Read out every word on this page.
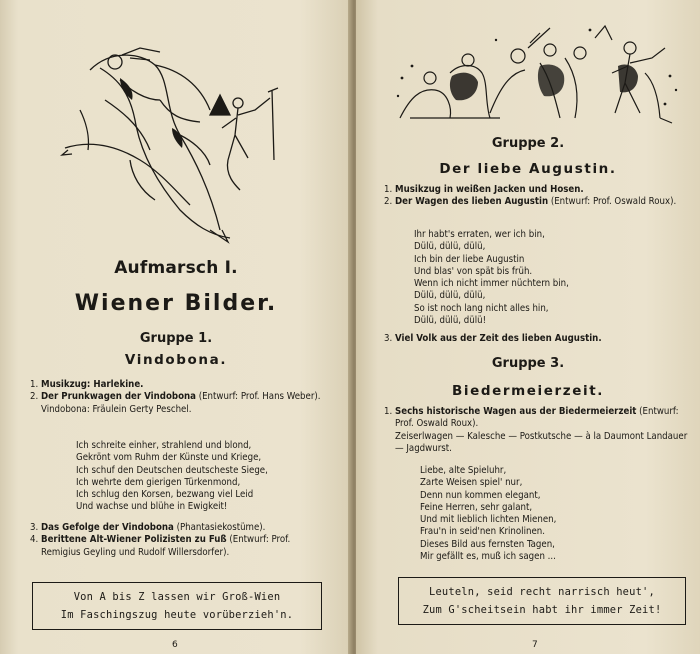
Aufmarsch I.
Wiener Bilder.
Gruppe 1.
Vindobona.
1. Musikzug: Harlekine.
2. Der Prunkwagen der Vindobona (Entwurf: Prof. Hans Weber).
Vindobona: Fräulein Gerty Peschel.
Ich schreite einher, strahlend und blond,
Gekrönt vom Ruhm der Künste und Kriege,
Ich schuf den Deutschen deutscheste Siege,
Ich wehrte dem gierigen Türkenmond,
Ich schlug den Korsen, bezwang viel Leid
Und wachse und blühe in Ewigkeit!
3. Das Gefolge der Vindobona (Phantasiekostüme).
4. Berittene Alt-Wiener Polizisten zu Fuß (Entwurf: Prof. Remigius Geyling und Rudolf Willersdorfer).
Von A bis Z lassen wir Groß-Wien
Im Faschingszug heute vorüberzieh'n.
6
Gruppe 2.
Der liebe Augustin.
1. Musikzug in weißen Jacken und Hosen.
2. Der Wagen des lieben Augustin (Entwurf: Prof. Oswald Roux).
Ihr habt's erraten, wer ich bin,
Dülü, dülü, dülü,
Ich bin der liebe Augustin
Und blas' von spät bis früh.
Wenn ich nicht immer nüchtern bin,
Dülü, dülü, dülü,
So ist noch lang nicht alles hin,
Dülü, dülü, dülü!
3. Viel Volk aus der Zeit des lieben Augustin.
Gruppe 3.
Biedermeierzeit.
1. Sechs historische Wagen aus der Biedermeierzeit (Entwurf: Prof. Oswald Roux).
Zeiserlwagen — Kalesche — Postkutsche — à la Daumont Landauer — Jagdwurst.
Liebe, alte Spieluhr,
Zarte Weisen spiel' nur,
Denn nun kommen elegant,
Feine Herren, sehr galant,
Und mit lieblich lichten Mienen,
Frau'n in seid'nen Krinolinen.
Dieses Bild aus fernsten Tagen,
Mir gefällt es, muß ich sagen ...
Leuteln, seid recht narrisch heut',
Zum G'scheitsein habt ihr immer Zeit!
7
